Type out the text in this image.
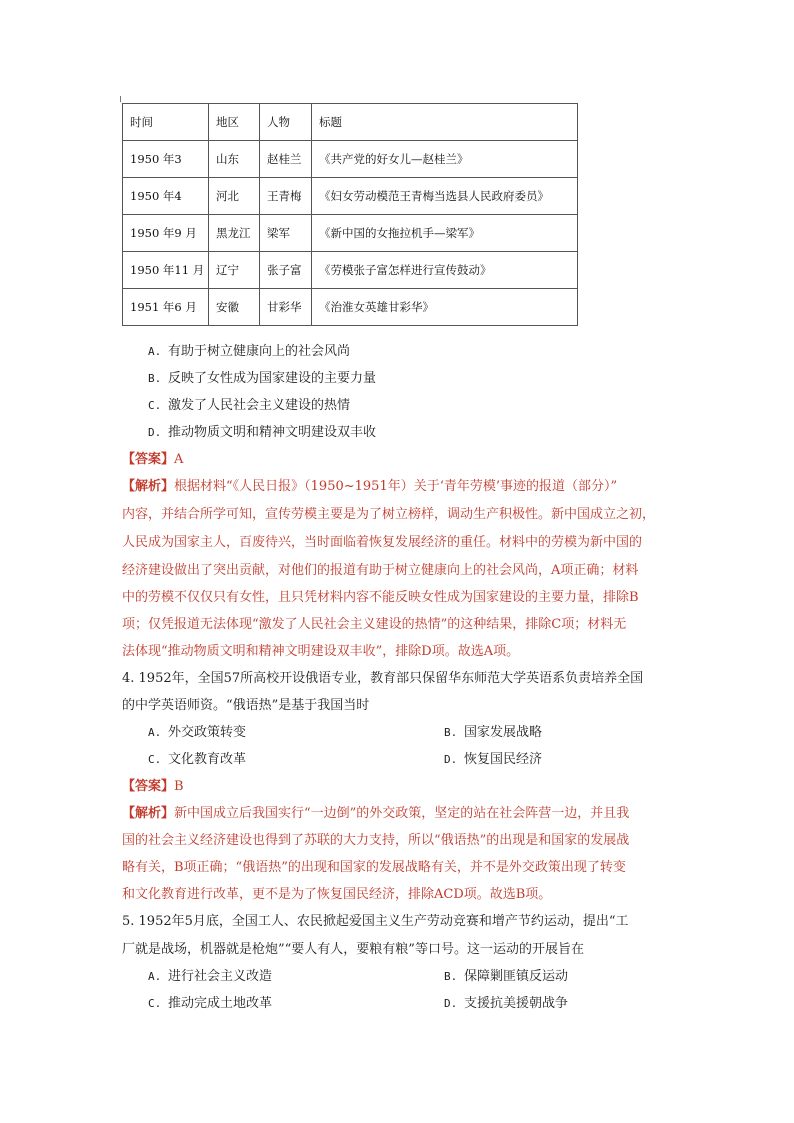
时间	地区	人物	标题
1950 年3	山东	赵桂兰	《共产党的好女儿—赵桂兰》
1950 年4	河北	王青梅	《妇女劳动模范王青梅当选县人民政府委员》
1950 年9 月	黑龙江	梁军	《新中国的女拖拉机手—梁军》
1950 年11 月	辽宁	张子富	《劳模张子富怎样进行宣传鼓动》
1951 年6 月	安徽	甘彩华	《治淮女英雄甘彩华》
A. 有助于树立健康向上的社会风尚
B. 反映了女性成为国家建设的主要力量
C. 激发了人民社会主义建设的热情
D. 推动物质文明和精神文明建设双丰收
【答案】A
【解析】根据材料“《人民日报》（1950~1951年）关于‘青年劳模’事迹的报道（部分）”
内容，并结合所学可知，宣传劳模主要是为了树立榜样，调动生产积极性。新中国成立之初，
人民成为国家主人，百废待兴，当时面临着恢复发展经济的重任。材料中的劳模为新中国的
经济建设做出了突出贡献，对他们的报道有助于树立健康向上的社会风尚，A项正确；材料
中的劳模不仅仅只有女性，且只凭材料内容不能反映女性成为国家建设的主要力量，排除B
项；仅凭报道无法体现“激发了人民社会主义建设的热情”的这种结果，排除C项；材料无
法体现“推动物质文明和精神文明建设双丰收”，排除D项。故选A项。
4. 1952年，全国57所高校开设俄语专业，教育部只保留华东师范大学英语系负责培养全国
的中学英语师资。“俄语热”是基于我国当时
A. 外交政策转变	B. 国家发展战略
C. 文化教育改革	D. 恢复国民经济
【答案】B
【解析】新中国成立后我国实行“一边倒”的外交政策，坚定的站在社会阵营一边，并且我
国的社会主义经济建设也得到了苏联的大力支持，所以“俄语热”的出现是和国家的发展战
略有关，B项正确；“俄语热”的出现和国家的发展战略有关，并不是外交政策出现了转变
和文化教育进行改革，更不是为了恢复国民经济，排除ACD项。故选B项。
5. 1952年5月底，全国工人、农民掀起爱国主义生产劳动竞赛和增产节约运动，提出“工
厂就是战场，机器就是枪炮”“要人有人，要粮有粮”等口号。这一运动的开展旨在
A. 进行社会主义改造	B. 保障剿匪镇反运动
C. 推动完成土地改革	D. 支援抗美援朝战争
